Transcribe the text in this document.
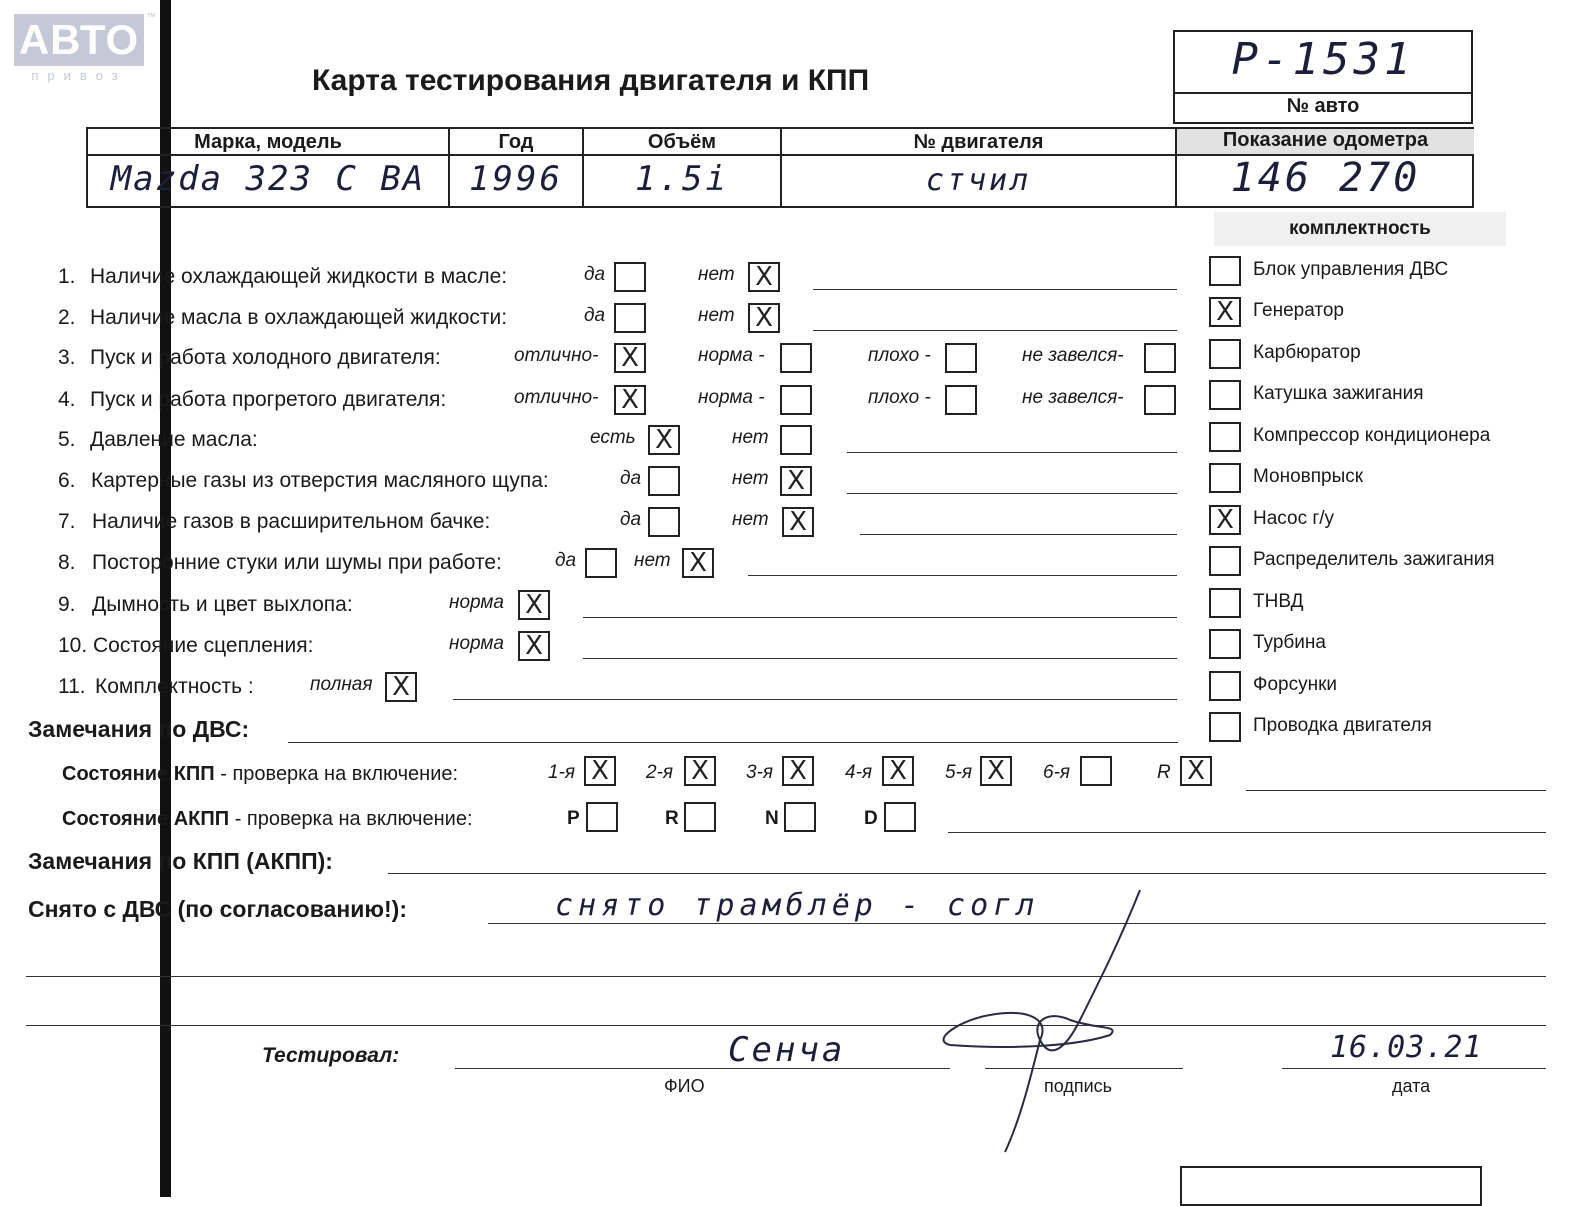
АВТО ™
привоз	Карта тестирования двигателя и КПП	Р-1531
№ авто
Марка, модель	Год	Объём	№ двигателя	Показание одометра
Mazda 323 C BA	1996	1.5i	стчил	146 270
комплектность
Блок управления ДВС
X Генератор
Карбюратор
Катушка зажигания
Компрессор кондиционера
Моновпрыск
X Насос г/у
Распределитель зажигания
ТНВД
Турбина
Форсунки
Проводка двигателя
1. Наличие охлаждающей жидкости в масле:	да	нет X
2. Наличие масла в охлаждающей жидкости:	да	нет X
3. Пуск и работа холодного двигателя:	отлично- X	норма -	плохо -	не завелся-
4. Пуск и работа прогретого двигателя:	отлично- X	норма -	плохо -	не завелся-
5. Давление масла:	есть X	нет
6. Картерные газы из отверстия масляного щупа:	да	нет X
7. Наличие газов в расширительном бачке:	да	нет X
8. Посторонние стуки или шумы при работе:	да	нет X
9. Дымность и цвет выхлопа:	норма X
10. Состояние сцепления:	норма X
11. Комплектность :	полная X
Замечания по ДВС:
Состояние КПП - проверка на включение:	1-я X 2-я X 3-я X 4-я X 5-я X 6-я	R X
Состояние АКПП - проверка на включение:	P	R	N	D
Замечания по КПП (АКПП):
Снято с ДВС (по согласованию!):	снято трамблёр - согл
Тестировал:	Сенча
ФИО	подпись
16.03.21
дата
